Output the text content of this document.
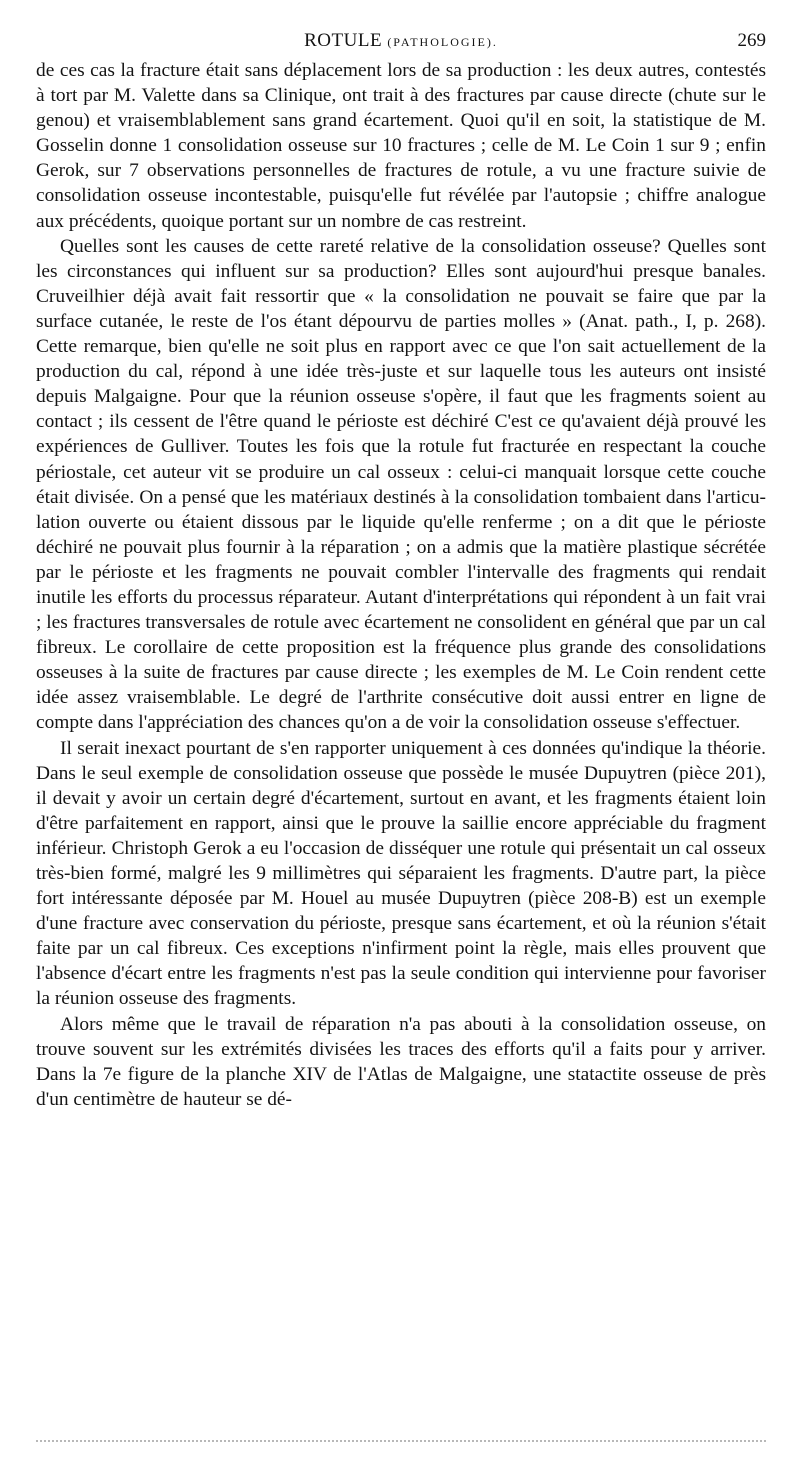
ROTULE (PATHOLOGIE).	269

de ces cas la fracture était sans déplacement lors de sa production : les deux autres, contestés à tort par M. Valette dans sa Clinique, ont trait à des fractures par cause directe (chute sur le genou) et vraisemblablement sans grand écartement. Quoi qu'il en soit, la statistique de M. Gosselin donne 1 consolidation osseuse sur 10 fractures ; celle de M. Le Coin 1 sur 9 ; enfin Gerok, sur 7 observations personnelles de fractures de rotule, a vu une fracture suivie de consolidation osseuse incontestable, puisqu'elle fut révélée par l'autopsie ; chiffre analogue aux précédents, quoique portant sur un nombre de cas restreint.

Quelles sont les causes de cette rareté relative de la consolidation osseuse? Quelles sont les circonstances qui influent sur sa production? Elles sont aujourd'hui presque banales. Cruveilhier déjà avait fait ressortir que « la consolidation ne pouvait se faire que par la surface cutanée, le reste de l'os étant dépourvu de parties molles » (Anat. path., I, p. 268). Cette remarque, bien qu'elle ne soit plus en rapport avec ce que l'on sait actuellement de la production du cal, répond à une idée très-juste et sur laquelle tous les auteurs ont insisté depuis Malgaigne. Pour que la réunion osseuse s'opère, il faut que les fragments soient au contact ; ils cessent de l'être quand le périoste est déchiré C'est ce qu'avaient déjà prouvé les expériences de Gulliver. Toutes les fois que la rotule fut fracturée en respectant la couche périostale, cet auteur vit se produire un cal osseux : celui-ci manquait lorsque cette couche était divisée. On a pensé que les matériaux destinés à la consolidation tombaient dans l'articulation ouverte ou étaient dissous par le liquide qu'elle renferme ; on a dit que le périoste déchiré ne pouvait plus fournir à la réparation ; on a admis que la matière plastique sécrétée par le périoste et les fragments ne pouvait combler l'intervalle des fragments qui rendait inutile les efforts du processus réparateur. Autant d'interprétations qui répondent à un fait vrai ; les fractures transversales de rotule avec écartement ne consolident en général que par un cal fibreux. Le corollaire de cette proposition est la fréquence plus grande des consolidations osseuses à la suite de fractures par cause directe ; les exemples de M. Le Coin rendent cette idée assez vraisemblable. Le degré de l'arthrite consécutive doit aussi entrer en ligne de compte dans l'appréciation des chances qu'on a de voir la consolidation osseuse s'effectuer.

Il serait inexact pourtant de s'en rapporter uniquement à ces données qu'indique la théorie. Dans le seul exemple de consolidation osseuse que possède le musée Dupuytren (pièce 201), il devait y avoir un certain degré d'écartement, surtout en avant, et les fragments étaient loin d'être parfaitement en rapport, ainsi que le prouve la saillie encore appréciable du fragment inférieur. Christoph Gerok a eu l'occasion de disséquer une rotule qui présentait un cal osseux très-bien formé, malgré les 9 millimètres qui séparaient les fragments. D'autre part, la pièce fort intéressante déposée par M. Houel au musée Dupuytren (pièce 208-B) est un exemple d'une fracture avec conservation du périoste, presque sans écartement, et où la réunion s'était faite par un cal fibreux. Ces exceptions n'infirment point la règle, mais elles prouvent que l'absence d'écart entre les fragments n'est pas la seule condition qui intervienne pour favoriser la réunion osseuse des fragments.

Alors même que le travail de réparation n'a pas abouti à la consolidation osseuse, on trouve souvent sur les extrémités divisées les traces des efforts qu'il a faits pour y arriver. Dans la 7e figure de la planche XIV de l'Atlas de Malgaigne, une statactite osseuse de près d'un centimètre de hauteur se dé-
